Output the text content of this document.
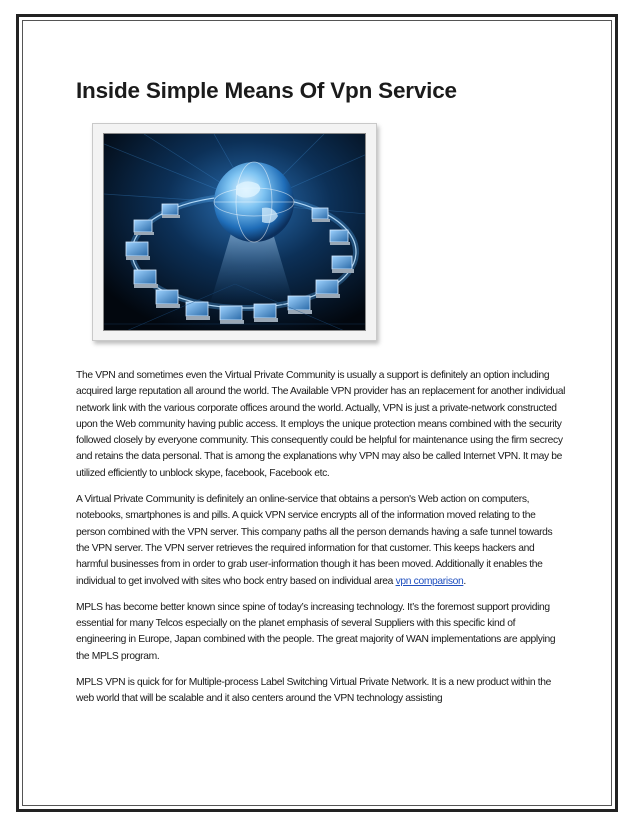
Inside Simple Means Of Vpn Service

The VPN and sometimes even the Virtual Private Community is usually a support is definitely an option including acquired large reputation all around the world. The Available VPN provider has an replacement for another individual network link with the various corporate offices around the world. Actually, VPN is just a private-network constructed upon the Web community having public access. It employs the unique protection means combined with the security followed closely by everyone community. This consequently could be helpful for maintenance using the firm secrecy and retains the data personal. That is among the explanations why VPN may also be called Internet VPN. It may be utilized efficiently to unblock skype, facebook, Facebook etc.

A Virtual Private Community is definitely an online-service that obtains a person's Web action on computers, notebooks, smartphones is and pills. A quick VPN service encrypts all of the information moved relating to the person combined with the VPN server. This company paths all the person demands having a safe tunnel towards the VPN server. The VPN server retrieves the required information for that customer. This keeps hackers and harmful businesses from in order to grab user-information though it has been moved. Additionally it enables the individual to get involved with sites who bock entry based on individual area vpn comparison.

MPLS has become better known since spine of today’s increasing technology. It’s the foremost support providing essential for many Telcos especially on the planet emphasis of several Suppliers with this specific kind of engineering in Europe, Japan combined with the people. The great majority of WAN implementations are applying the MPLS program.

MPLS VPN is quick for for Multiple-process Label Switching Virtual Private Network. It is a new product within the web world that will be scalable and it also centers around the VPN technology assisting
